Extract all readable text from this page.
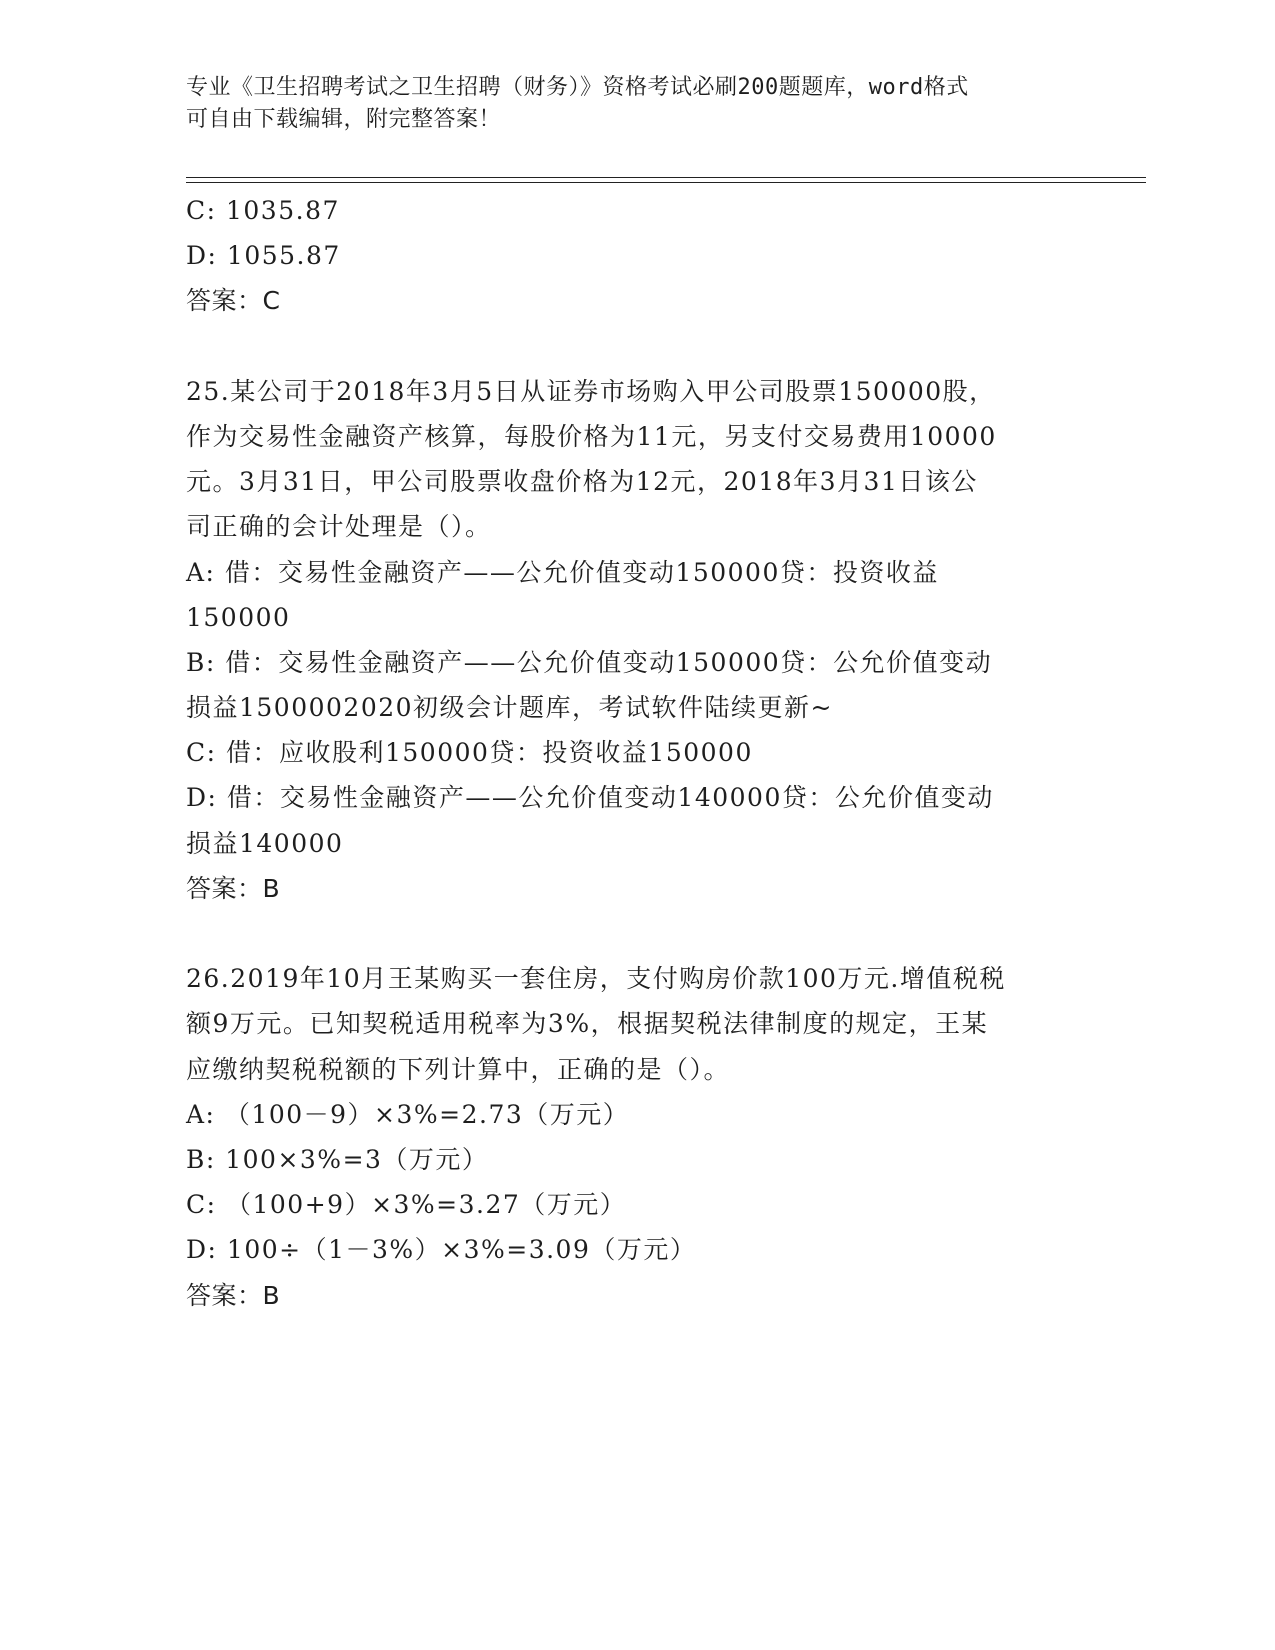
专业《卫生招聘考试之卫生招聘（财务）》资格考试必刷200题题库，word格式
可自由下载编辑，附完整答案！
C: 1035.87
D: 1055.87
答案：C
25.某公司于2018年3月5日从证券市场购入甲公司股票150000股，
作为交易性金融资产核算，每股价格为11元，另支付交易费用10000
元。3月31日，甲公司股票收盘价格为12元，2018年3月31日该公
司正确的会计处理是（）。
A: 借：交易性金融资产——公允价值变动150000贷：投资收益
150000
B: 借：交易性金融资产——公允价值变动150000贷：公允价值变动
损益1500002020初级会计题库，考试软件陆续更新~
C: 借：应收股利150000贷：投资收益150000
D: 借：交易性金融资产——公允价值变动140000贷：公允价值变动
损益140000
答案：B
26.2019年10月王某购买一套住房，支付购房价款100万元.增值税税
额9万元。已知契税适用税率为3%，根据契税法律制度的规定，王某
应缴纳契税税额的下列计算中，正确的是（）。
A: （100－9）×3%=2.73（万元）
B: 100×3%=3（万元）
C: （100+9）×3%=3.27（万元）
D: 100÷（1－3%）×3%=3.09（万元）
答案：B
